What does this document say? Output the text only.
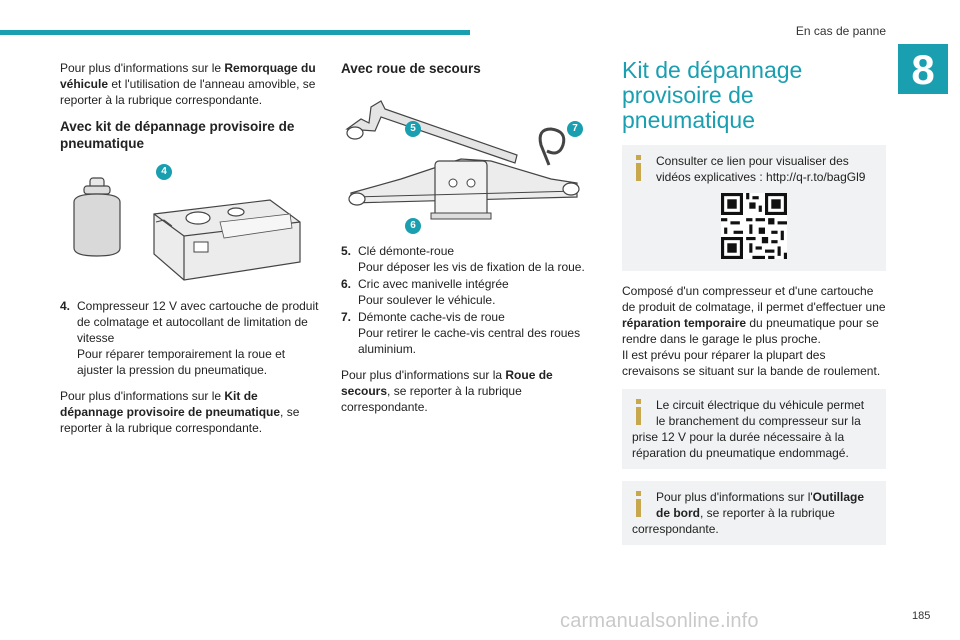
En cas de panne
8

Pour plus d'informations sur le Remorquage du véhicule et l'utilisation de l'anneau amovible, se reporter à la rubrique correspondante.

Avec kit de dépannage provisoire de pneumatique
4
4. Compresseur 12 V avec cartouche de produit de colmatage et autocollant de limitation de vitesse
Pour réparer temporairement la roue et ajuster la pression du pneumatique.

Pour plus d'informations sur le Kit de dépannage provisoire de pneumatique, se reporter à la rubrique correspondante.

Avec roue de secours
5	7
6
5. Clé démonte-roue
Pour déposer les vis de fixation de la roue.
6. Cric avec manivelle intégrée
Pour soulever le véhicule.
7. Démonte cache-vis de roue
Pour retirer le cache-vis central des roues aluminium.

Pour plus d'informations sur la Roue de secours, se reporter à la rubrique correspondante.

Kit de dépannage provisoire de pneumatique
Consulter ce lien pour visualiser des vidéos explicatives : http://q-r.to/bagGl9

Composé d'un compresseur et d'une cartouche de produit de colmatage, il permet d'effectuer une réparation temporaire du pneumatique pour se rendre dans le garage le plus proche.
Il est prévu pour réparer la plupart des crevaisons se situant sur la bande de roulement.

Le circuit électrique du véhicule permet le branchement du compresseur sur la
prise 12 V pour la durée nécessaire à la réparation du pneumatique endommagé.
Pour plus d'informations sur l'Outillage de bord, se reporter à la rubrique
correspondante.
carmanualsonline.info	185
